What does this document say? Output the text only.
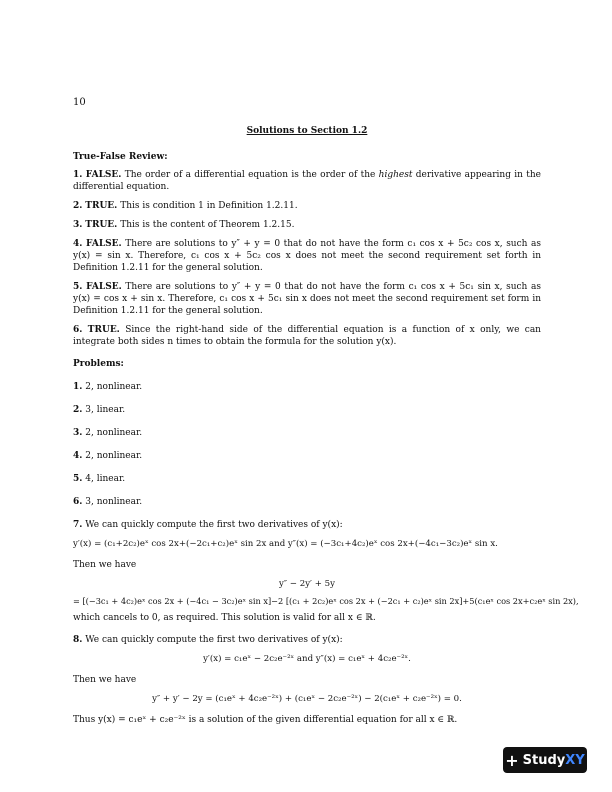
10
Solutions to Section 1.2
True-False Review:

1. FALSE. The order of a differential equation is the order of the highest derivative appearing in the differential equation.

2. TRUE. This is condition 1 in Definition 1.2.11.

3. TRUE. This is the content of Theorem 1.2.15.

4. FALSE. There are solutions to y″ + y = 0 that do not have the form c₁ cos x + 5c₂ cos x, such as y(x) = sin x. Therefore, c₁ cos x + 5c₂ cos x does not meet the second requirement set forth in Definition 1.2.11 for the general solution.

5. FALSE. There are solutions to y″ + y = 0 that do not have the form c₁ cos x + 5c₁ sin x, such as y(x) = cos x + sin x. Therefore, c₁ cos x + 5c₁ sin x does not meet the second requirement set form in Definition 1.2.11 for the general solution.

6. TRUE. Since the right-hand side of the differential equation is a function of x only, we can integrate both sides n times to obtain the formula for the solution y(x).

Problems:
1. 2, nonlinear.
2. 3, linear.
3. 2, nonlinear.
4. 2, nonlinear.
5. 4, linear.
6. 3, nonlinear.
7. We can quickly compute the first two derivatives of y(x):
y′(x) = (c₁+2c₂)eˣ cos 2x+(−2c₁+c₂)eˣ sin 2x and y″(x) = (−3c₁+4c₂)eˣ cos 2x+(−4c₁−3c₂)eˣ sin x.
Then we have
y″ − 2y′ + 5y
= [(−3c₁ + 4c₂)eˣ cos 2x + (−4c₁ − 3c₂)eˣ sin x]−2 [(c₁ + 2c₂)eˣ cos 2x + (−2c₁ + c₂)eˣ sin 2x]+5(c₁eˣ cos 2x+c₂eˣ sin 2x),
which cancels to 0, as required. This solution is valid for all x ∈ ℝ.
8. We can quickly compute the first two derivatives of y(x):
y′(x) = c₁eˣ − 2c₂e⁻²ˣ and y″(x) = c₁eˣ + 4c₂e⁻²ˣ.
Then we have
y″ + y′ − 2y = (c₁eˣ + 4c₂e⁻²ˣ) + (c₁eˣ − 2c₂e⁻²ˣ) − 2(c₁eˣ + c₂e⁻²ˣ) = 0.
Thus y(x) = c₁eˣ + c₂e⁻²ˣ is a solution of the given differential equation for all x ∈ ℝ.
+ Study XY
